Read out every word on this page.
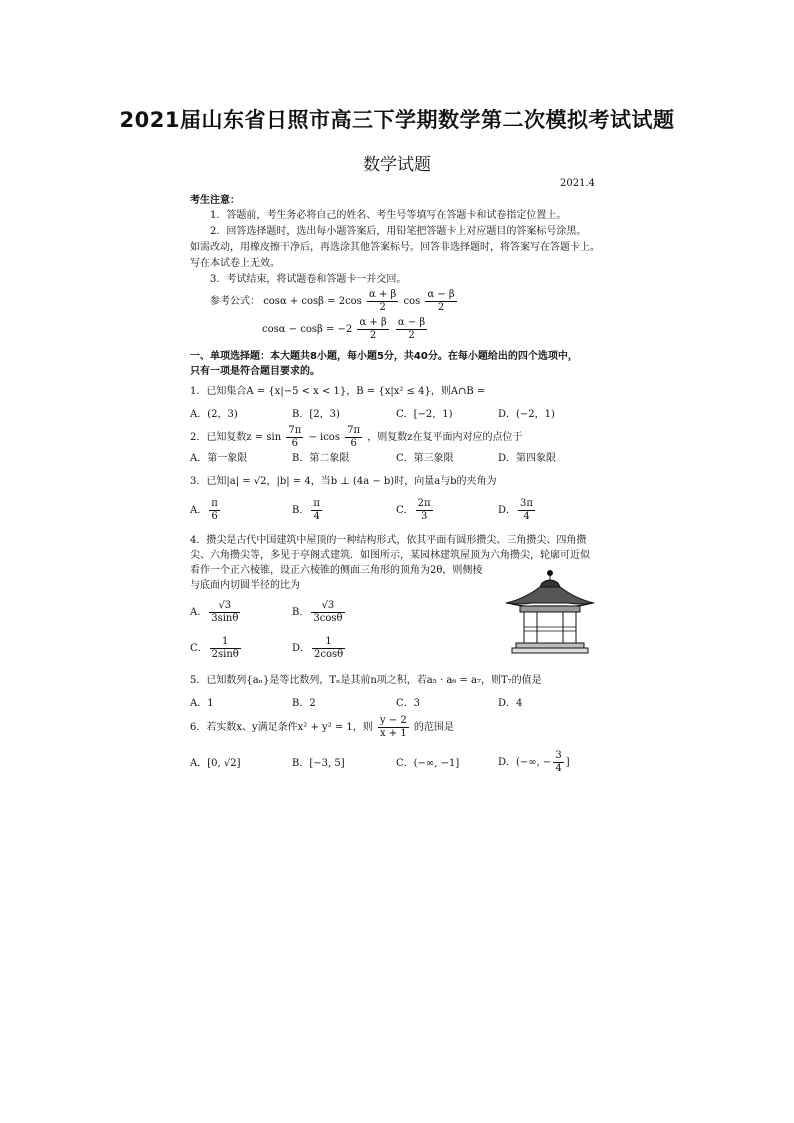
2021届山东省日照市高三下学期数学第二次模拟考试试题
数学试题
2021.4
考生注意：
1．答题前，考生务必将自己的姓名、考生号等填写在答题卡和试卷指定位置上。
2．回答选择题时，选出每小题答案后，用铅笔把答题卡上对应题目的答案标号涂黑。
如需改动，用橡皮擦干净后，再选涂其他答案标号。回答非选择题时，将答案写在答题卡上。
写在本试卷上无效。
3．考试结束，将试题卷和答题卡一并交回。
参考公式： $\cos\alpha + \cos\beta = 2\cos \frac{\alpha + \beta}{2}$ $\cos \frac{\alpha - \beta}{2}$
$\cos\alpha - \cos\beta = -2 \frac{\alpha + \beta}{2}$
$\frac{\alpha - \beta}{2}$
一、单项选择题：本大题共8小题，每小题5分，共40分。在每小题给出的四个选项中，
只有一项是符合题目要求的。
1．已知集合A = {x|−5 < x < 1}，B = {x|x² ≤ 4}，则A∩B =
A．(2，3)	B．[2，3)	C．[−2，1)	D．(−2，1)
2．已知复数$z = \sin \frac{7\pi}{6} - icos \frac{7\pi}{6}$ ，则复数z在复平面内对应的点位于
A．第一象限	B．第二象限	C．第三象限	D．第四象限
3．已知|a| = √2，|b| = 4，当b ⊥ (4a − b)时，向量a与b的夹角为
A． $\frac{\pi}{6}$	B． $\frac{\pi}{4}$	C． $\frac{2\pi}{3}$	D． $\frac{3\pi}{4}$
4．攒尖是古代中国建筑中屋顶的一种结构形式，依其平面有圆形攒尖、三角攒尖、四角攒
尖、六角攒尖等，多见于亭阁式建筑．如图所示，某园林建筑屋顶为六角攒尖，轮廓可近似
看作一个正六棱锥，设正六棱锥的侧面三角形的顶角为2θ，则侧棱
与底面内切圆半径的比为
A． $\frac{√3}{3\sin\theta}$	B． $\frac{√3}{3\cos\theta}$
C． $\frac{1}{2\sin\theta}$	D． $\frac{1}{2\cos\theta}$
5．已知数列{aₙ}是等比数列，Tₙ是其前n项之积，若a₅ · a₆ = a₇，则T₇的值是
A．1	B．2	C．3	D．4
6．若实数x、y满足条件x² + y² = 1，则 $\frac{y - 2}{x + 1}$ 的范围是
A．[0, √2]	B．[−3, 5]	C．(−∞, −1]	D．(−∞, − $\frac{3}{4}$ ]
